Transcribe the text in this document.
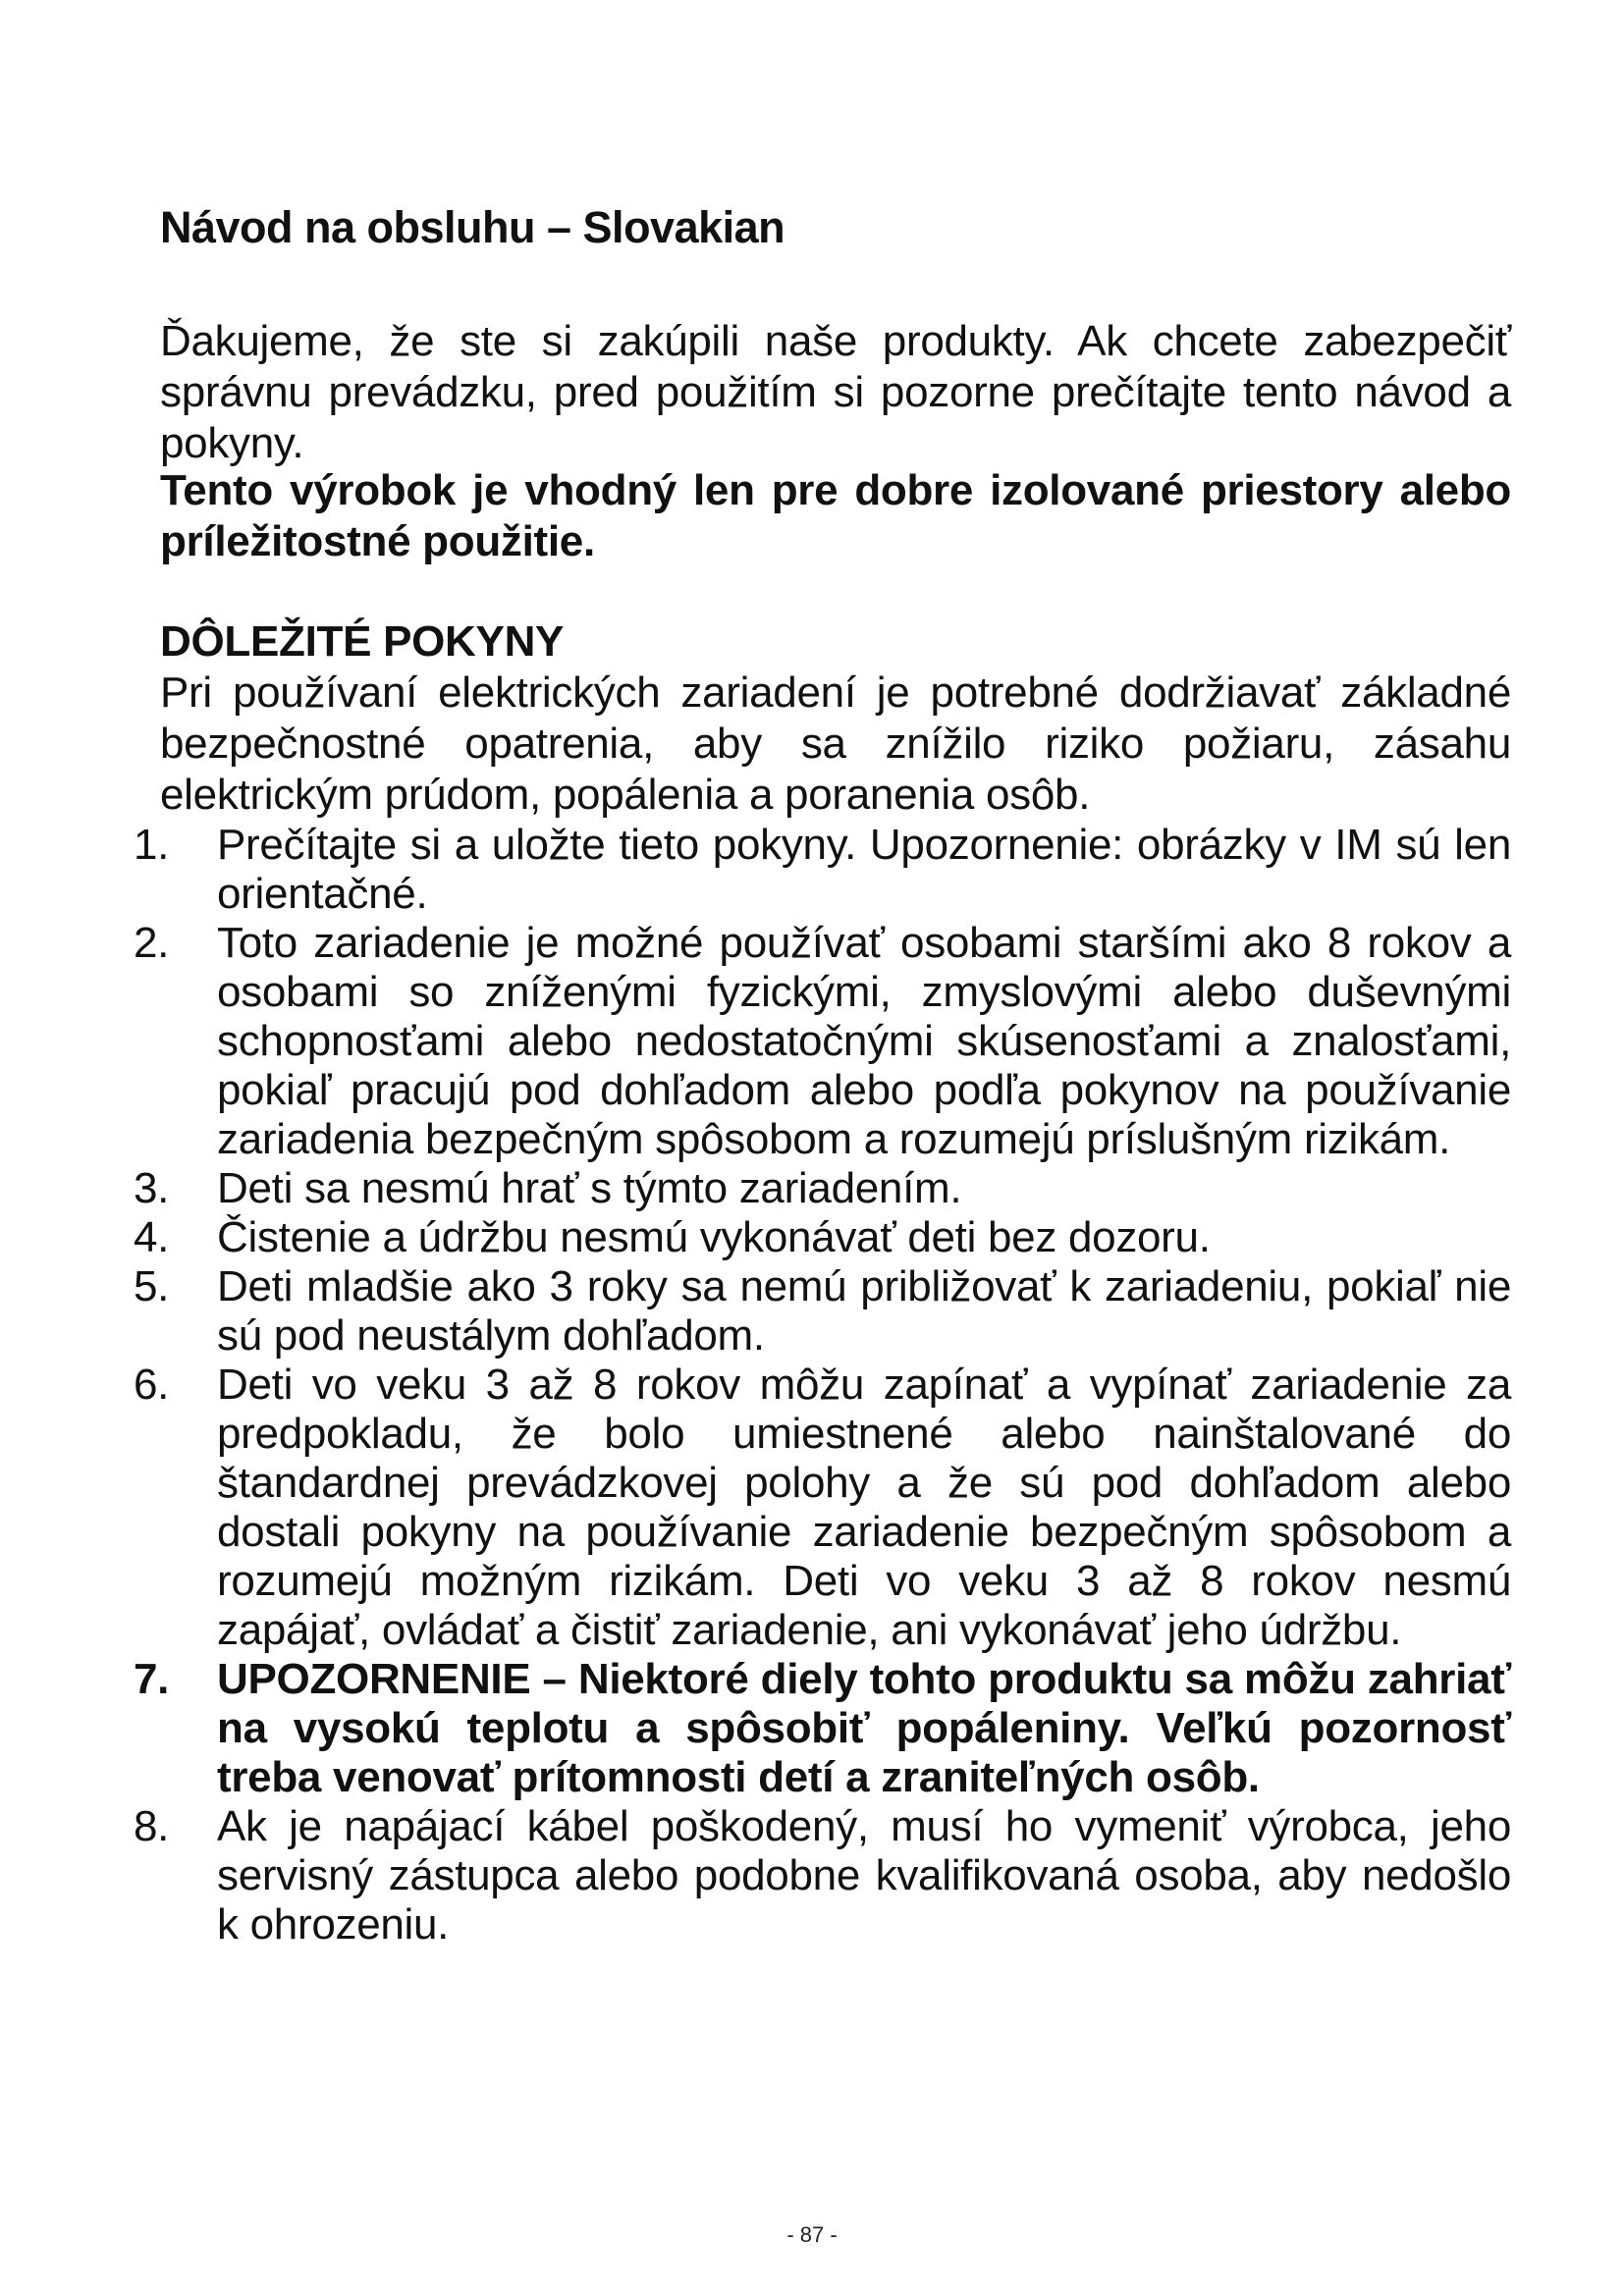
Návod na obsluhu – Slovakian

Ďakujeme, že ste si zakúpili naše produkty. Ak chcete zabezpečiť správnu prevádzku, pred použitím si pozorne prečítajte tento návod a pokyny.

Tento výrobok je vhodný len pre dobre izolované priestory alebo príležitostné použitie.

DÔLEŽITÉ POKYNY

Pri používaní elektrických zariadení je potrebné dodržiavať základné bezpečnostné opatrenia, aby sa znížilo riziko požiaru, zásahu elektrickým prúdom, popálenia a poranenia osôb.

1.	Prečítajte si a uložte tieto pokyny. Upozornenie: obrázky v IM sú len orientačné.
2.	Toto zariadenie je možné používať osobami staršími ako 8 rokov a osobami so zníženými fyzickými, zmyslovými alebo duševnými schopnosťami alebo nedostatočnými skúsenosťami a znalosťami, pokiaľ pracujú pod dohľadom alebo podľa pokynov na používanie zariadenia bezpečným spôsobom a rozumejú príslušným rizikám.
3.	Deti sa nesmú hrať s týmto zariadením.
4.	Čistenie a údržbu nesmú vykonávať deti bez dozoru.
5.	Deti mladšie ako 3 roky sa nemú približovať k zariadeniu, pokiaľ nie sú pod neustálym dohľadom.
6.	Deti vo veku 3 až 8 rokov môžu zapínať a vypínať zariadenie za predpokladu, že bolo umiestnené alebo nainštalované do štandardnej prevádzkovej polohy a že sú pod dohľadom alebo dostali pokyny na používanie zariadenie bezpečným spôsobom a rozumejú možným rizikám. Deti vo veku 3 až 8 rokov nesmú zapájať, ovládať a čistiť zariadenie, ani vykonávať jeho údržbu.
7.	UPOZORNENIE – Niektoré diely tohto produktu sa môžu zahriať na vysokú teplotu a spôsobiť popáleniny. Veľkú pozornosť treba venovať prítomnosti detí a zraniteľných osôb.
8.	Ak je napájací kábel poškodený, musí ho vymeniť výrobca, jeho servisný zástupca alebo podobne kvalifikovaná osoba, aby nedošlo k ohrozeniu.
- 87 -
